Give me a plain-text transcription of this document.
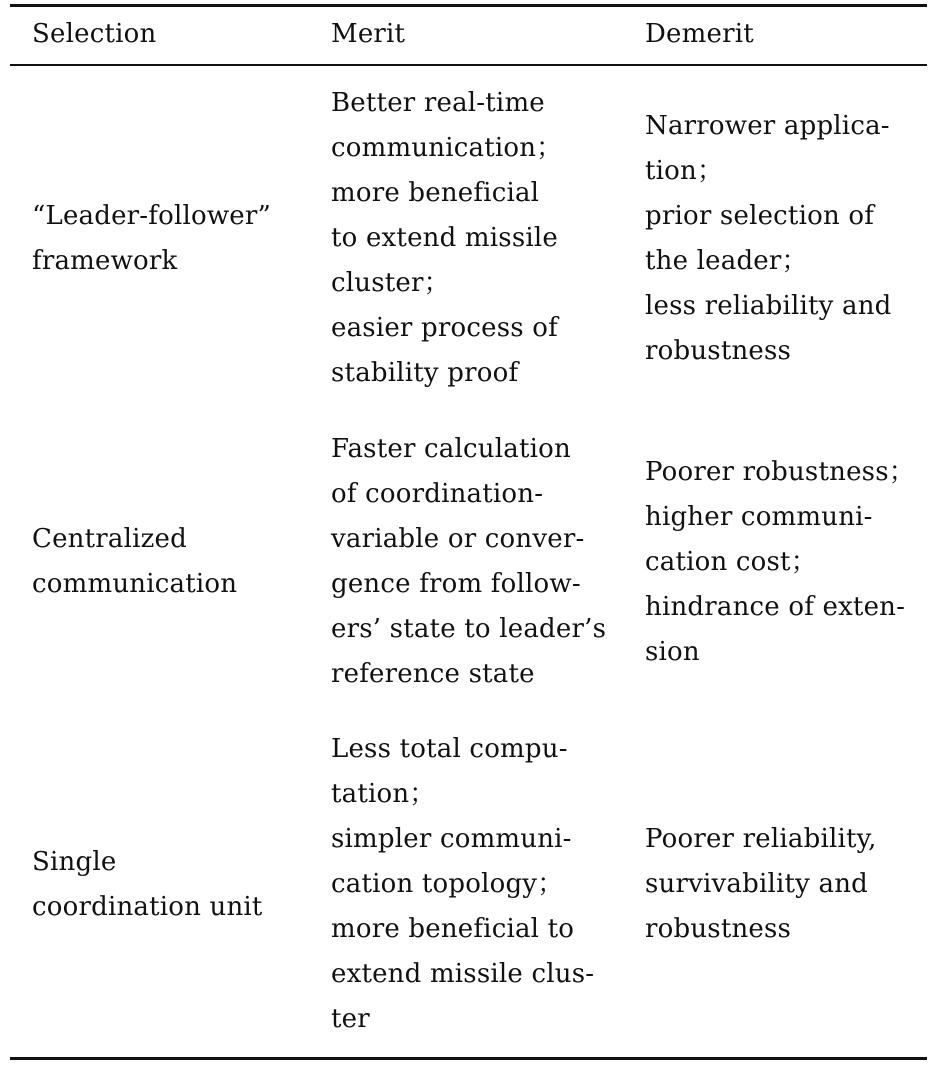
Selection	Merit	Demerit
“Leader-follower”
framework
Better real-time
communication；
more beneficial
to extend missile
cluster；
easier process of
stability proof
Narrower applica-
tion；
prior selection of
the leader；
less reliability and
robustness
Centralized
communication
Faster calculation
of coordination-
variable or conver-
gence from follow-
ers’ state to leader’s
reference state
Poorer robustness；
higher communi-
cation cost；
hindrance of exten-
sion
Single
coordination unit
Less total compu-
tation；
simpler communi-
cation topology；
more beneficial to
extend missile clus-
ter
Poorer reliability,
survivability and
robustness
